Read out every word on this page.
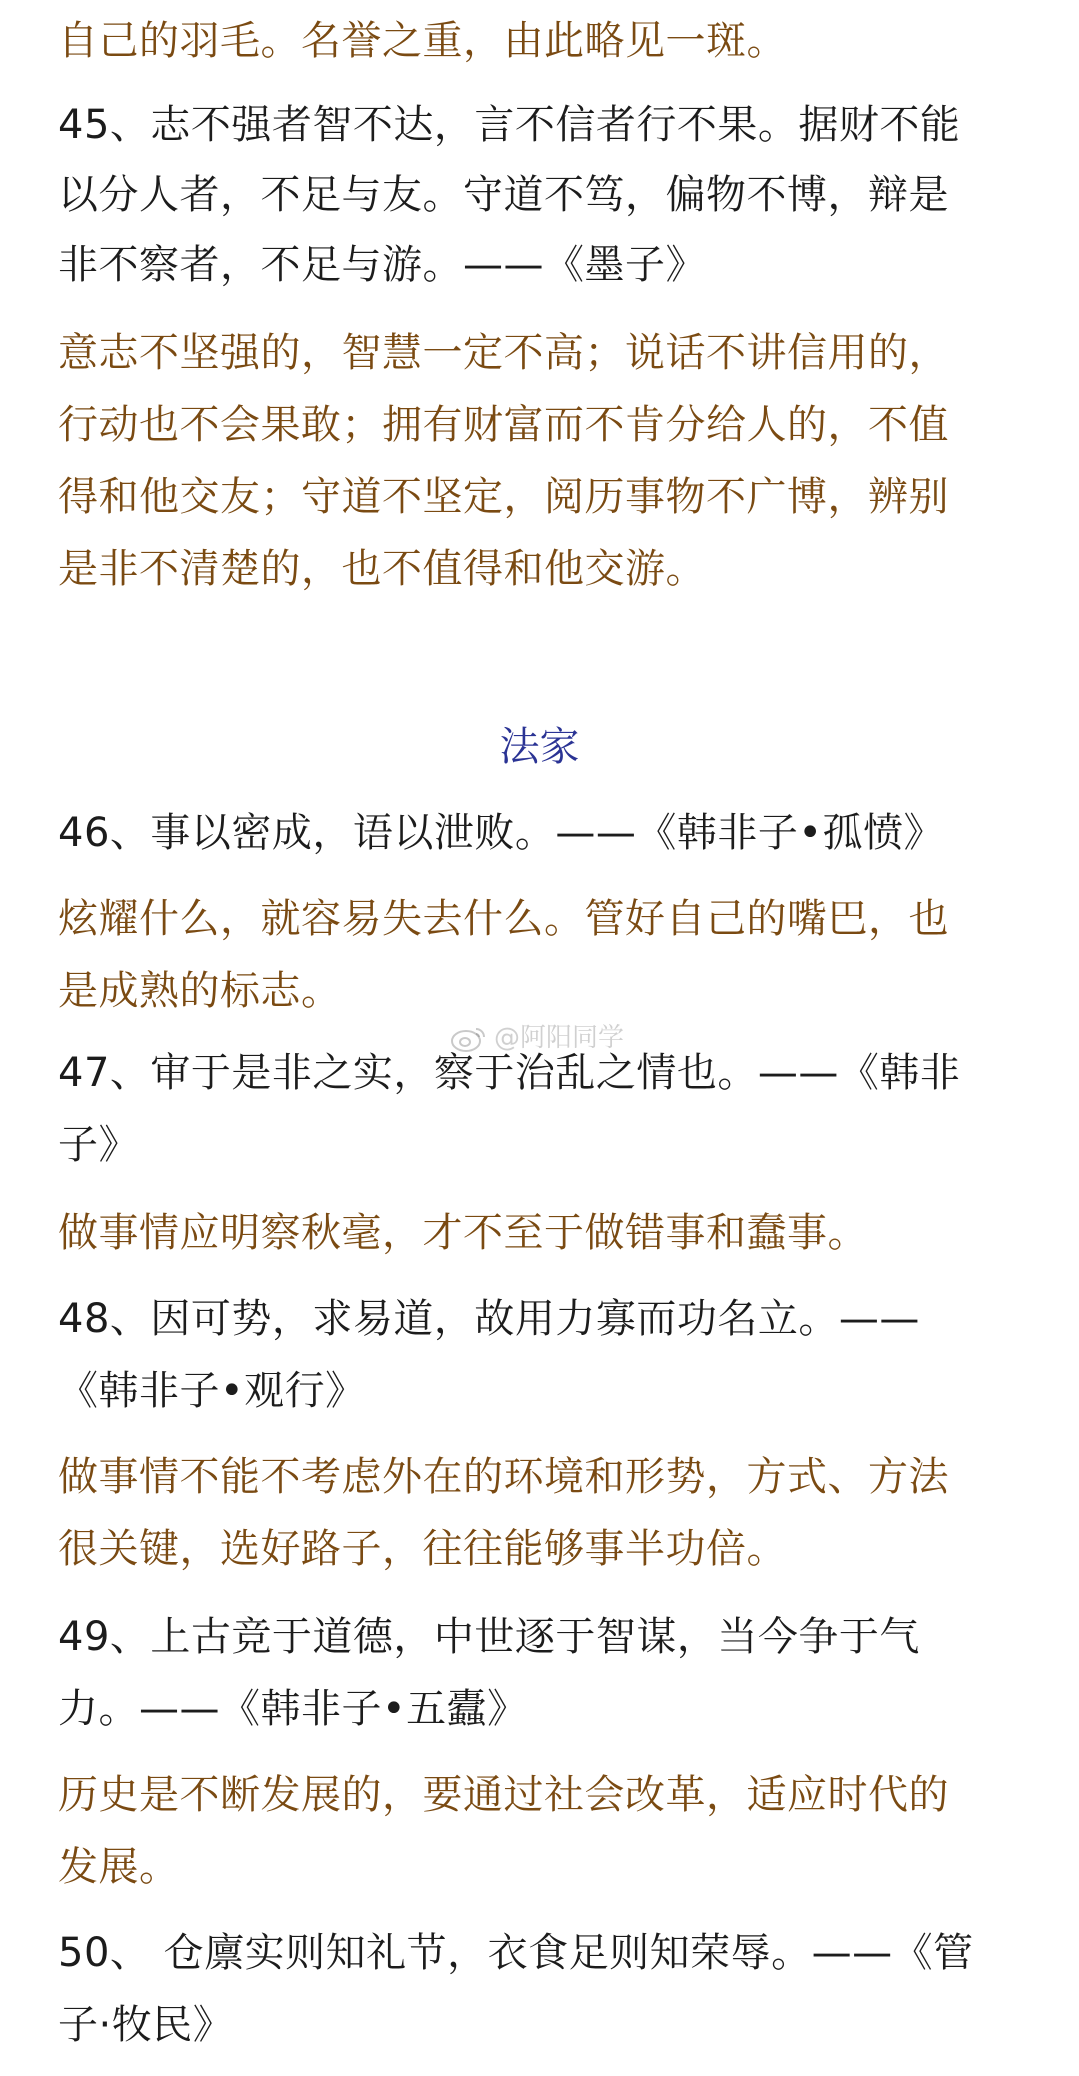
自己的羽毛。名誉之重，由此略见一斑。
45、志不强者智不达，言不信者行不果。据财不能
以分人者，不足与友。守道不笃，偏物不博，辩是
非不察者，不足与游。——《墨子》
意志不坚强的，智慧一定不高；说话不讲信用的，
行动也不会果敢；拥有财富而不肯分给人的，不值
得和他交友；守道不坚定，阅历事物不广博，辨别
是非不清楚的，也不值得和他交游。
法家
46、事以密成，语以泄败。——《韩非子•孤愤》
炫耀什么，就容易失去什么。管好自己的嘴巴，也
是成熟的标志。
@阿阳同学
47、审于是非之实，察于治乱之情也。——《韩非
子》
做事情应明察秋毫，才不至于做错事和蠢事。
48、因可势，求易道，故用力寡而功名立。——
《韩非子•观行》
做事情不能不考虑外在的环境和形势，方式、方法
很关键，选好路子，往往能够事半功倍。
49、上古竞于道德，中世逐于智谋，当今争于气
力。——《韩非子•五蠹》
历史是不断发展的，要通过社会改革，适应时代的
发展。
50、 仓廪实则知礼节，衣食足则知荣辱。——《管
子·牧民》
